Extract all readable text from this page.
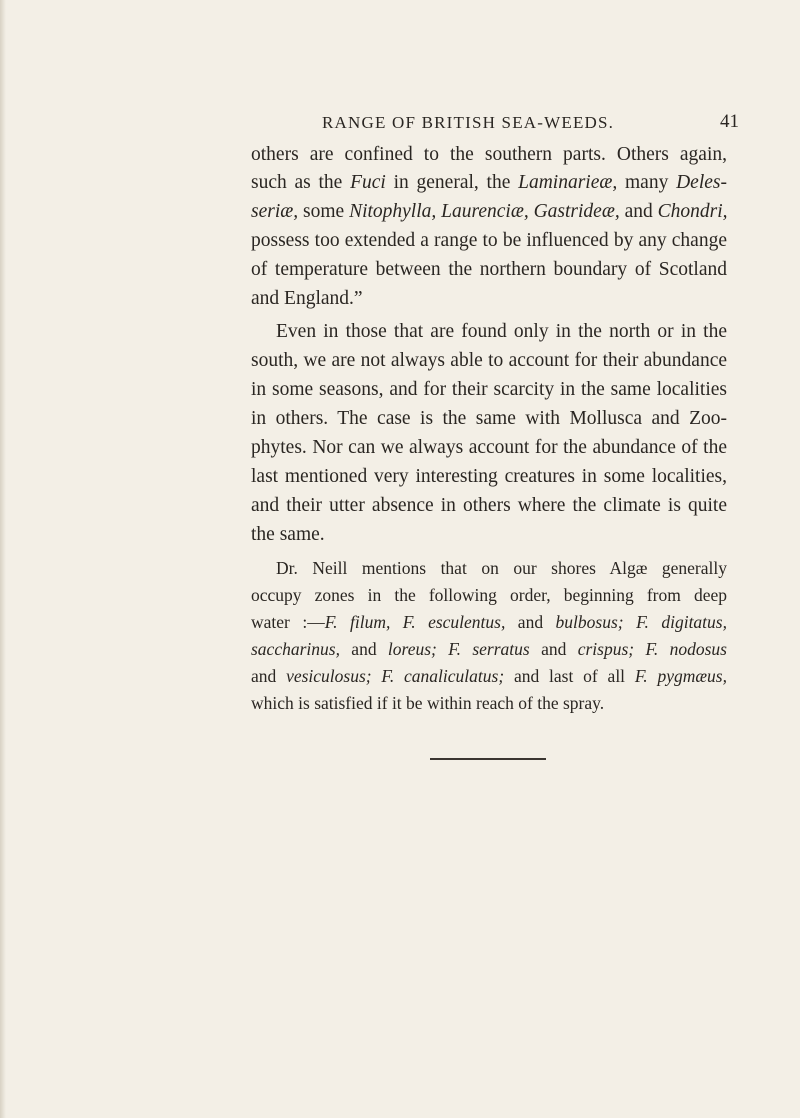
RANGE OF BRITISH SEA-WEEDS.	41
others are confined to the southern parts. Others again,
such as the Fuci in general, the Laminarieæ, many Deles-
seriæ, some Nitophylla, Laurenciæ, Gastrideæ, and Chondri,
possess too extended a range to be influenced by any change
of temperature between the northern boundary of Scotland
and England.”
Even in those that are found only in the north or in the
south, we are not always able to account for their abundance
in some seasons, and for their scarcity in the same localities
in others. The case is the same with Mollusca and Zoo-
phytes. Nor can we always account for the abundance of the
last mentioned very interesting creatures in some localities,
and their utter absence in others where the climate is quite
the same.
Dr. Neill mentions that on our shores Algæ generally
occupy zones in the following order, beginning from deep
water :—F. filum, F. esculentus, and bulbosus; F. digitatus,
saccharinus, and loreus; F. serratus and crispus; F. nodosus
and vesiculosus; F. canaliculatus; and last of all F. pygmæus,
which is satisfied if it be within reach of the spray.
